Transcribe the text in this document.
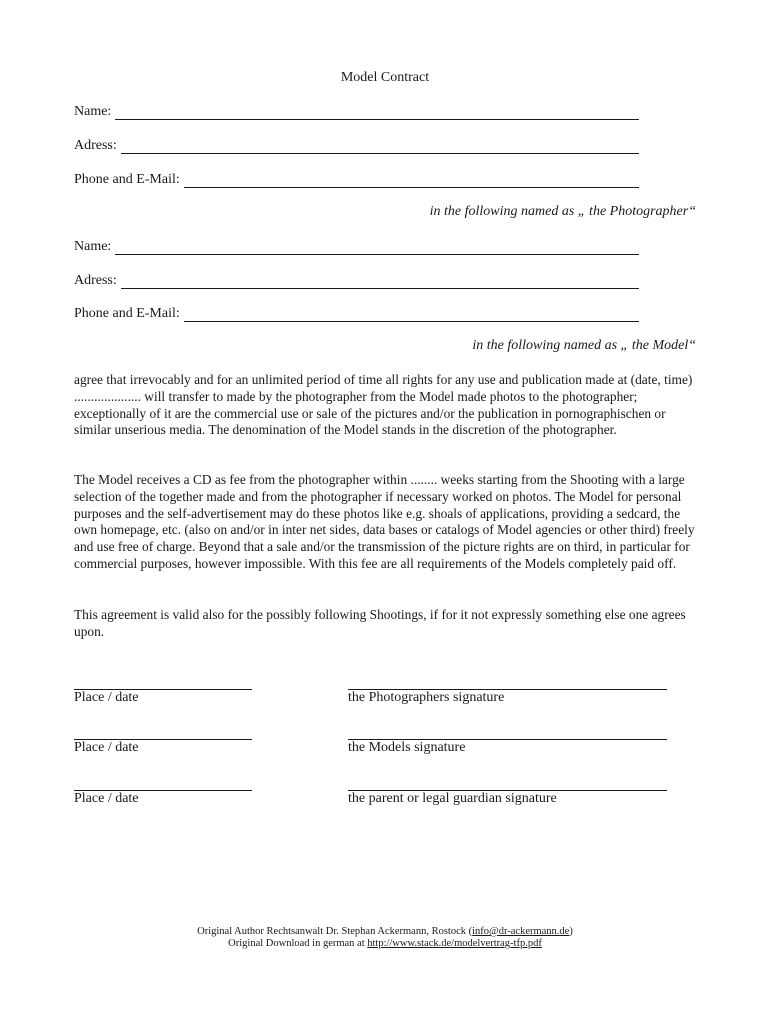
Model Contract
Name:
Adress:
Phone and E-Mail:
in the following named as „ the Photographer“
Name:
Adress:
Phone and E-Mail:
in the following named as „ the Model“
agree that irrevocably and for an unlimited period of time all rights for any use and publication made at (date, time) .................... will transfer to made by the photographer from the Model made photos to the photographer; exceptionally of it are the commercial use or sale of the pictures and/or the publication in pornographischen or similar unserious media. The denomination of the Model stands in the discretion of the photographer.
The Model receives a CD as fee from the photographer within ........ weeks starting from the Shooting with a large selection of the together made and from the photographer if necessary worked on photos. The Model for personal purposes and the self-advertisement may do these photos like e.g. shoals of applications, providing a sedcard, the own homepage, etc. (also on and/or in inter net sides, data bases or catalogs of Model agencies or other third) freely and use free of charge. Beyond that a sale and/or the transmission of the picture rights are on third, in particular for commercial purposes, however impossible. With this fee are all requirements of the Models completely paid off.
This agreement is valid also for the possibly following Shootings, if for it not expressly something else one agrees upon.
Place / date	the Photographers signature
Place / date	the Models signature
Place / date	the parent or legal guardian signature
Original Author Rechtsanwalt Dr. Stephan Ackermann, Rostock (info@dr-ackermann.de)
Original Download in german at http://www.stack.de/modelvertrag-tfp.pdf
